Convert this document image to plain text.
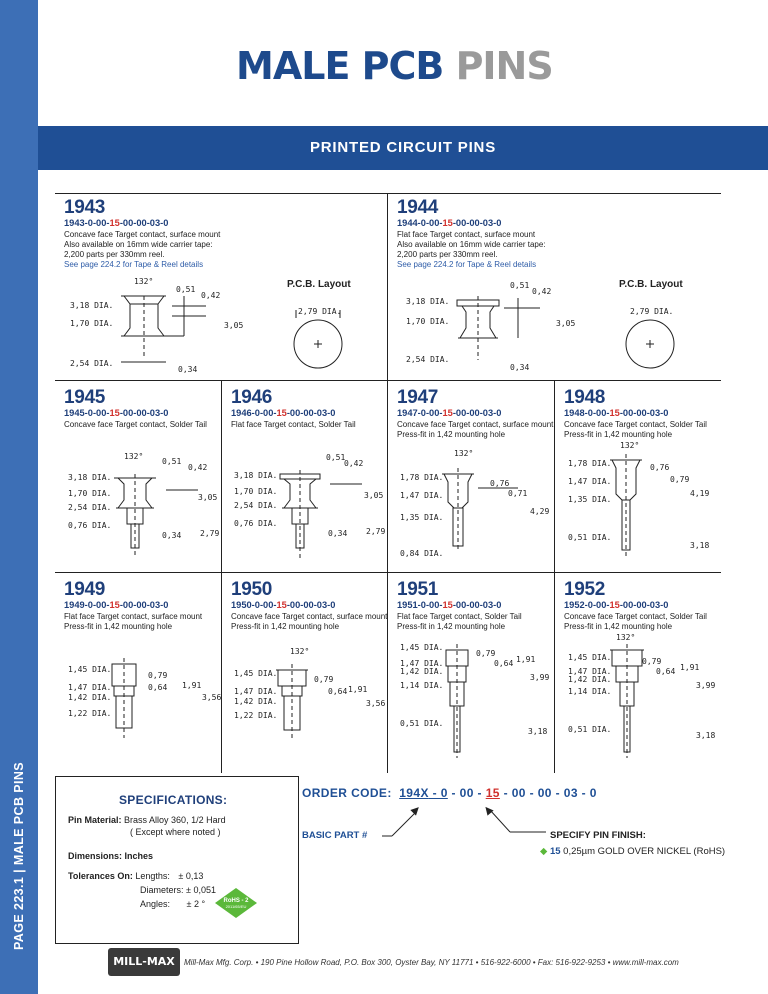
PAGE 223.1 | MALE PCB PINS
MALE PCB PINS
PRINTED CIRCUIT PINS
1943
1943-0-00-15-00-00-03-0
Concave face Target contact, surface mount
Also available on 16mm wide carrier tape:
2,200 parts per 330mm reel.
See page 224.2 for Tape & Reel details
1944
1944-0-00-15-00-00-03-0
Flat face Target contact, surface mount
Also available on 16mm wide carrier tape:
2,200 parts per 330mm reel.
See page 224.2 for Tape & Reel details
1945
1945-0-00-15-00-00-03-0
Concave face Target contact, Solder Tail
1946
1946-0-00-15-00-00-03-0
Flat face Target contact, Solder Tail
1947
1947-0-00-15-00-00-03-0
Concave face Target contact, surface mount
Press-fit in 1,42 mounting hole
1948
1948-0-00-15-00-00-03-0
Concave face Target contact, Solder Tail
Press-fit in 1,42 mounting hole
1949
1949-0-00-15-00-00-03-0
Flat face Target contact, surface mount
Press-fit in 1,42 mounting hole
1950
1950-0-00-15-00-00-03-0
Concave face Target contact, surface mount
Press-fit in 1,42 mounting hole
1951
1951-0-00-15-00-00-03-0
Flat face Target contact, Solder Tail
Press-fit in 1,42 mounting hole
1952
1952-0-00-15-00-00-03-0
Concave face Target contact, Solder Tail
Press-fit in 1,42 mounting hole
P.C.B. Layout	P.C.B. Layout
132°
0,51
0,42
3,18 DIA.
1,70 DIA.	3,05
2,54 DIA.
0,34
2,79 DIA.
0,51
0,42
3,18 DIA.
1,70 DIA.	3,05
2,54 DIA.
0,34
2,79 DIA.
132°
0,51
0,42
3,18 DIA.
1,70 DIA.	3,05
2,54 DIA.
0,76 DIA.
0,34 2,79
0,51
0,42
3,18 DIA.
1,70 DIA.	3,05
2,54 DIA.
0,76 DIA.
0,34 2,79
132°
1,78 DIA.
0,76
1,47 DIA.	0,71
4,29
1,35 DIA.
0,84 DIA.
132°
1,78 DIA.	0,76
1,47 DIA.	0,79
4,19
1,35 DIA.
0,51 DIA.
3,18
1,45 DIA.
0,79
1,47 DIA.	0,64 1,91
1,42 DIA.	3,56
1,22 DIA.
132°
1,45 DIA.
0,79
1,47 DIA.	0,64 1,91
1,42 DIA.	3,56
1,22 DIA.
1,45 DIA.
0,79
1,47 DIA.	0,64 1,91
1,42 DIA.
3,99
1,14 DIA.
0,51 DIA.
3,18
132°
1,45 DIA.	0,79
1,47 DIA.	0,64 1,91
1,42 DIA.
3,99
1,14 DIA.
0,51 DIA.
3,18
SPECIFICATIONS:
Pin Material: Brass Alloy 360, 1/2 Hard
( Except where noted )
Dimensions: Inches
Tolerances On: Lengths: ± 0,13
Diameters: ± 0,051
Angles: ± 2 °	RoHS - 2
2011/65/EU
ORDER CODE: 194X - 0 - 00 - 15 - 00 - 00 - 03 - 0
BASIC PART #	SPECIFY PIN FINISH:
◆ 15 0,25µm GOLD OVER NICKEL (RoHS)
MILL-MAX	Mill-Max Mfg. Corp. • 190 Pine Hollow Road, P.O. Box 300, Oyster Bay, NY 11771 • 516-922-6000 • Fax: 516-922-9253 • www.mill-max.com
